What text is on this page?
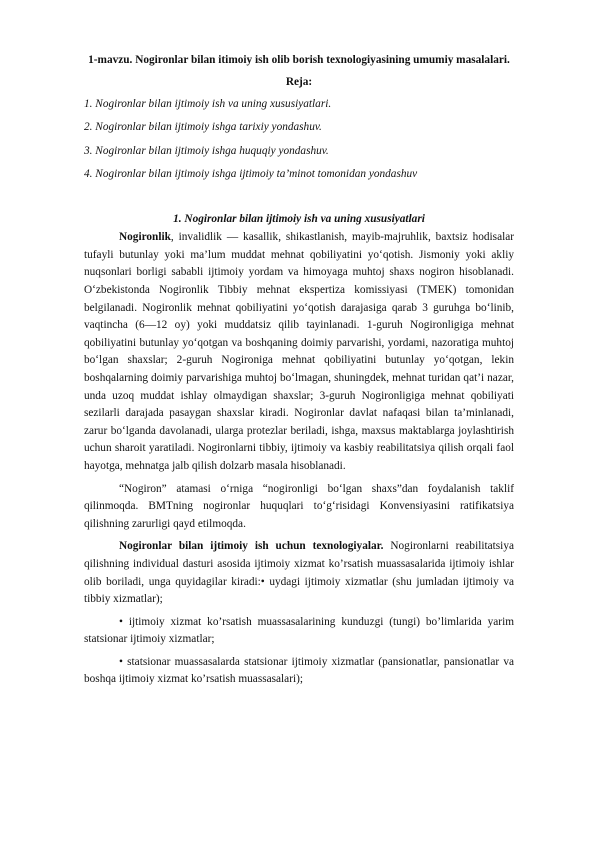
1-mavzu. Nogironlar bilan itimoiy ish olib borish texnologiyasining umumiy masalalari.
Reja:
1. Nogironlar bilan ijtimoiy ish va uning xususiyatlari.
2. Nogironlar bilan ijtimoiy ishga tarixiy yondashuv.
3. Nogironlar bilan ijtimoiy ishga huquqiy yondashuv.
4. Nogironlar bilan ijtimoiy ishga ijtimoiy ta’minot tomonidan yondashuv
1. Nogironlar bilan ijtimoiy ish va uning xususiyatlari

Nogironlik, invalidlik — kasallik, shikastlanish, mayib-majruhlik, baxtsiz hodisalar tufayli butunlay yoki ma’lum muddat mehnat qobiliyatini yo‘qotish. Jismoniy yoki akliy nuqsonlari borligi sababli ijtimoiy yordam va himoyaga muhtoj shaxs nogiron hisoblanadi. O‘zbekistonda Nogironlik Tibbiy mehnat ekspertiza komissiyasi (TMEK) tomonidan belgilanadi. Nogironlik mehnat qobiliyatini yo‘qotish darajasiga qarab 3 guruhga bo‘linib, vaqtincha (6—12 oy) yoki muddatsiz qilib tayinlanadi. 1-guruh Nogironligiga mehnat qobiliyatini butunlay yo‘qotgan va boshqaning doimiy parvarishi, yordami, nazoratiga muhtoj bo‘lgan shaxslar; 2-guruh Nogironiga mehnat qobiliyatini butunlay yo‘qotgan, lekin boshqalarning doimiy parvarishiga muhtoj bo‘lmagan, shuningdek, mehnat turidan qat’i nazar, unda uzoq muddat ishlay olmaydigan shaxslar; 3-guruh Nogironligiga mehnat qobiliyati sezilarli darajada pasaygan shaxslar kiradi. Nogironlar davlat nafaqasi bilan ta’minlanadi, zarur bo‘lganda davolanadi, ularga protezlar beriladi, ishga, maxsus maktablarga joylashtirish uchun sharoit yaratiladi. Nogironlarni tibbiy, ijtimoiy va kasbiy reabilitatsiya qilish orqali faol hayotga, mehnatga jalb qilish dolzarb masala hisoblanadi.

“Nogiron” atamasi o‘rniga “nogironligi bo‘lgan shaxs”dan foydalanish taklif qilinmoqda. BMTning nogironlar huquqlari to‘g‘risidagi Konvensiyasini ratifikatsiya qilishning zarurligi qayd etilmoqda.

Nogironlar bilan ijtimoiy ish uchun texnologiyalar. Nogironlarni reabilitatsiya qilishning individual dasturi asosida ijtimoiy xizmat ko’rsatish muassasalarida ijtimoiy ishlar olib boriladi, unga quyidagilar kiradi:• uydagi ijtimoiy xizmatlar (shu jumladan ijtimoiy va tibbiy xizmatlar);

• ijtimoiy xizmat ko’rsatish muassasalarining kunduzgi (tungi) bo’limlarida yarim statsionar ijtimoiy xizmatlar;

• statsionar muassasalarda statsionar ijtimoiy xizmatlar (pansionatlar, pansionatlar va boshqa ijtimoiy xizmat ko’rsatish muassasalari);
